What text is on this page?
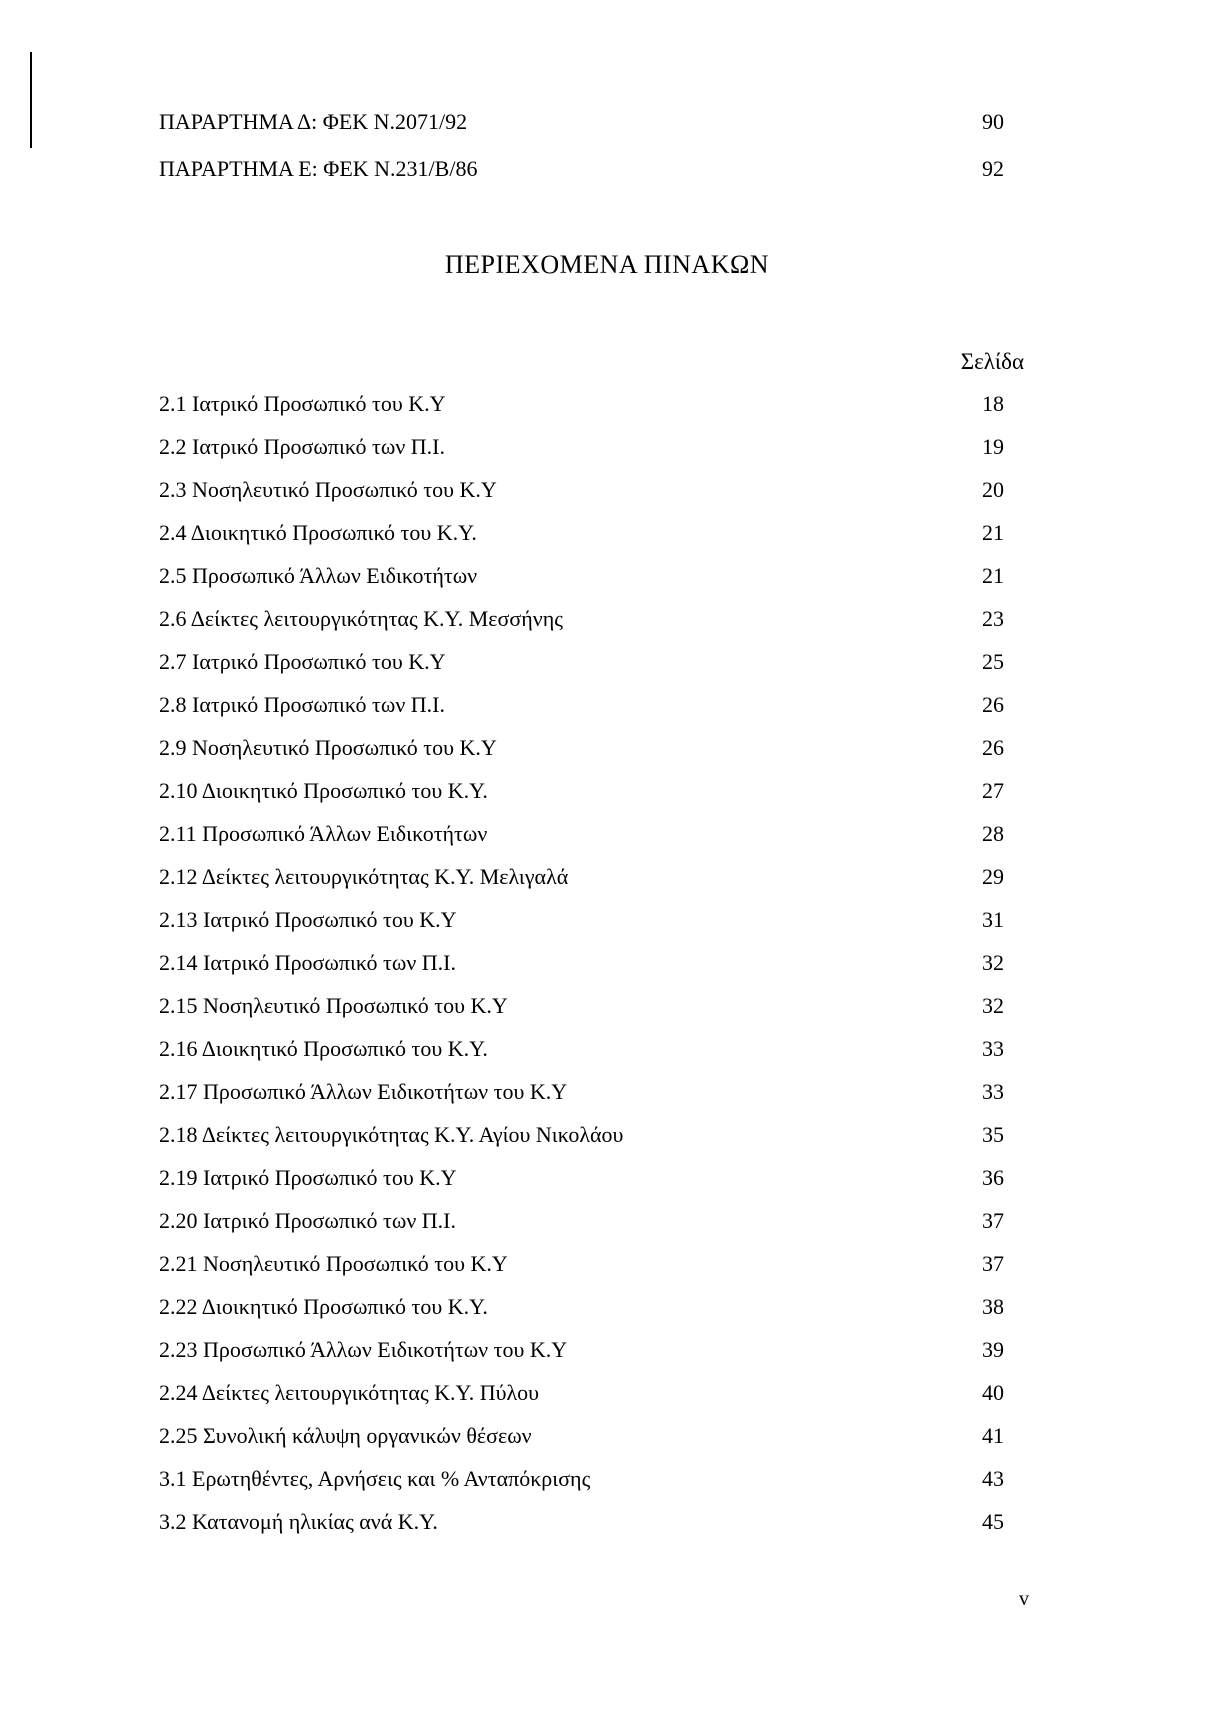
ΠΑΡΑΡΤΗΜΑ Δ: ΦΕΚ Ν.2071/92	90
ΠΑΡΑΡΤΗΜΑ Ε: ΦΕΚ Ν.231/Β/86	92
ΠΕΡΙΕΧΟΜΕΝΑ ΠΙΝΑΚΩΝ
Σελίδα
2.1 Ιατρικό Προσωπικό του Κ.Υ	18
2.2 Ιατρικό Προσωπικό των Π.Ι.	19
2.3 Νοσηλευτικό Προσωπικό του Κ.Υ	20
2.4 Διοικητικό Προσωπικό του Κ.Υ.	21
2.5 Προσωπικό Άλλων Ειδικοτήτων	21
2.6 Δείκτες λειτουργικότητας Κ.Υ. Μεσσήνης	23
2.7 Ιατρικό Προσωπικό του Κ.Υ	25
2.8 Ιατρικό Προσωπικό των Π.Ι.	26
2.9 Νοσηλευτικό Προσωπικό του Κ.Υ	26
2.10 Διοικητικό Προσωπικό του Κ.Υ.	27
2.11 Προσωπικό Άλλων Ειδικοτήτων	28
2.12 Δείκτες λειτουργικότητας Κ.Υ. Μελιγαλά	29
2.13 Ιατρικό Προσωπικό του Κ.Υ	31
2.14 Ιατρικό Προσωπικό των Π.Ι.	32
2.15 Νοσηλευτικό Προσωπικό του Κ.Υ	32
2.16 Διοικητικό Προσωπικό του Κ.Υ.	33
2.17 Προσωπικό Άλλων Ειδικοτήτων του Κ.Υ	33
2.18 Δείκτες λειτουργικότητας Κ.Υ. Αγίου Νικολάου	35
2.19 Ιατρικό Προσωπικό του Κ.Υ	36
2.20 Ιατρικό Προσωπικό των Π.Ι.	37
2.21 Νοσηλευτικό Προσωπικό του Κ.Υ	37
2.22 Διοικητικό Προσωπικό του Κ.Υ.	38
2.23 Προσωπικό Άλλων Ειδικοτήτων του Κ.Υ	39
2.24 Δείκτες λειτουργικότητας Κ.Υ. Πύλου	40
2.25 Συνολική κάλυψη οργανικών θέσεων	41
3.1 Ερωτηθέντες, Αρνήσεις και % Ανταπόκρισης	43
3.2 Κατανομή ηλικίας ανά Κ.Υ.	45
v
